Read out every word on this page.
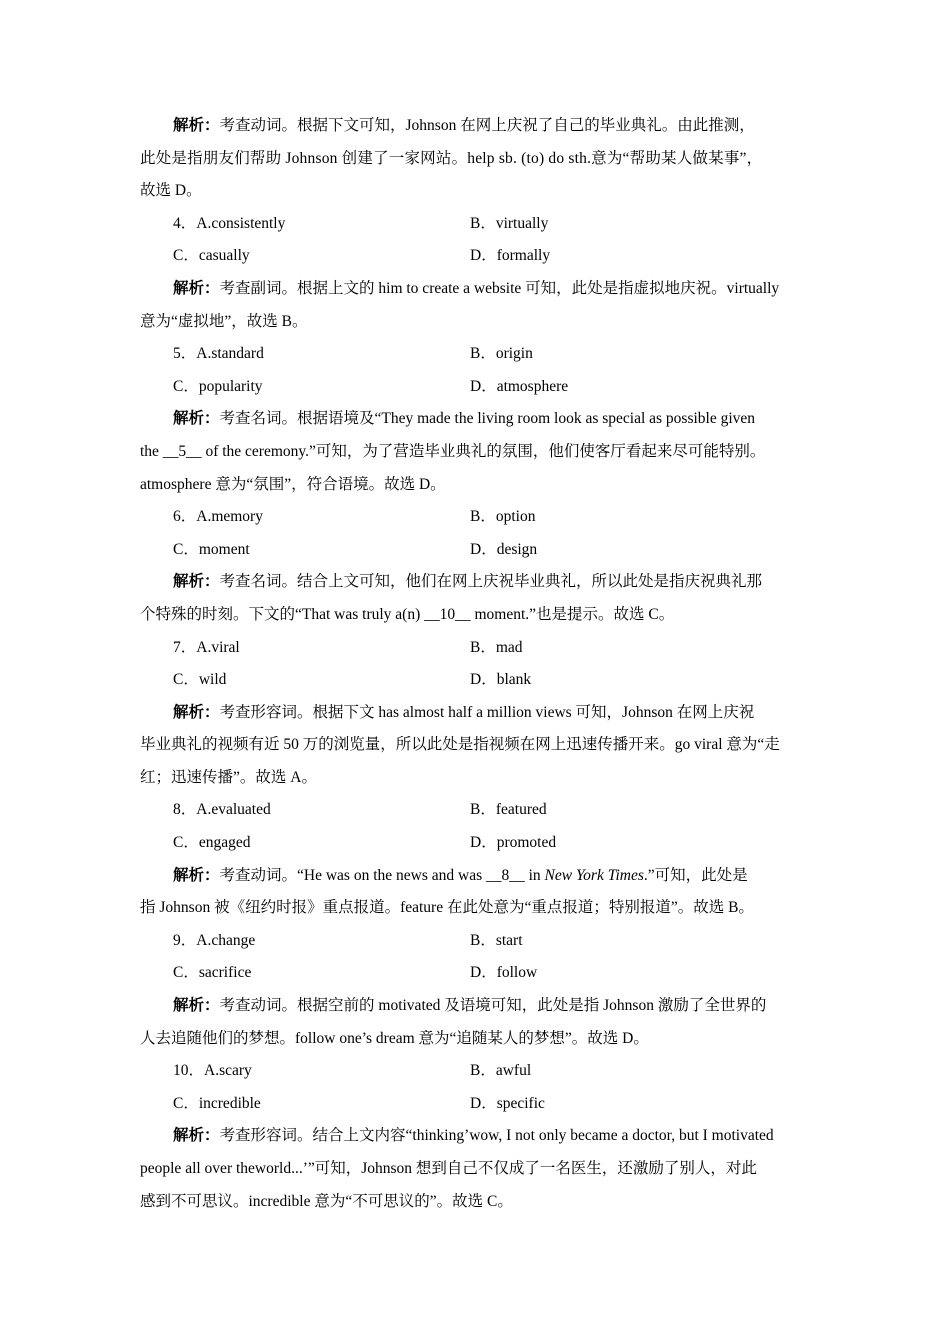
解析：考查动词。根据下文可知，Johnson 在网上庆祝了自己的毕业典礼。由此推测，
此处是指朋友们帮助 Johnson 创建了一家网站。help sb. (to) do sth.意为“帮助某人做某事”，
故选 D。
4．A.consistently	B．virtually
C．casually	D．formally
解析：考查副词。根据上文的 him to create a website 可知，此处是指虚拟地庆祝。virtually
意为“虚拟地”，故选 B。
5．A.standard	B．origin
C．popularity	D．atmosphere
解析：考查名词。根据语境及“They made the living room look as special as possible given
the __5__ of the ceremony.”可知，为了营造毕业典礼的氛围，他们使客厅看起来尽可能特别。
atmosphere 意为“氛围”，符合语境。故选 D。
6．A.memory	B．option
C．moment	D．design
解析：考查名词。结合上文可知，他们在网上庆祝毕业典礼，所以此处是指庆祝典礼那
个特殊的时刻。下文的“That was truly a(n) __10__ moment.”也是提示。故选 C。
7．A.viral	B．mad
C．wild	D．blank
解析：考查形容词。根据下文 has almost half a million views 可知，Johnson 在网上庆祝
毕业典礼的视频有近 50 万的浏览量，所以此处是指视频在网上迅速传播开来。go viral 意为“走
红；迅速传播”。故选 A。
8．A.evaluated	B．featured
C．engaged	D．promoted
解析：考查动词。“He was on the news and was __8__ in New York Times.”可知，此处是
指 Johnson 被《纽约时报》重点报道。feature 在此处意为“重点报道；特别报道”。故选 B。
9．A.change	B．start
C．sacrifice	D．follow
解析：考查动词。根据空前的 motivated 及语境可知，此处是指 Johnson 激励了全世界的
人去追随他们的梦想。follow one’s dream 意为“追随某人的梦想”。故选 D。
10．A.scary	B．awful
C．incredible	D．specific
解析：考查形容词。结合上文内容“thinking’wow, I not only became a doctor, but I motivated
people all over theworld...’”可知，Johnson 想到自己不仅成了一名医生，还激励了别人，对此
感到不可思议。incredible 意为“不可思议的”。故选 C。
